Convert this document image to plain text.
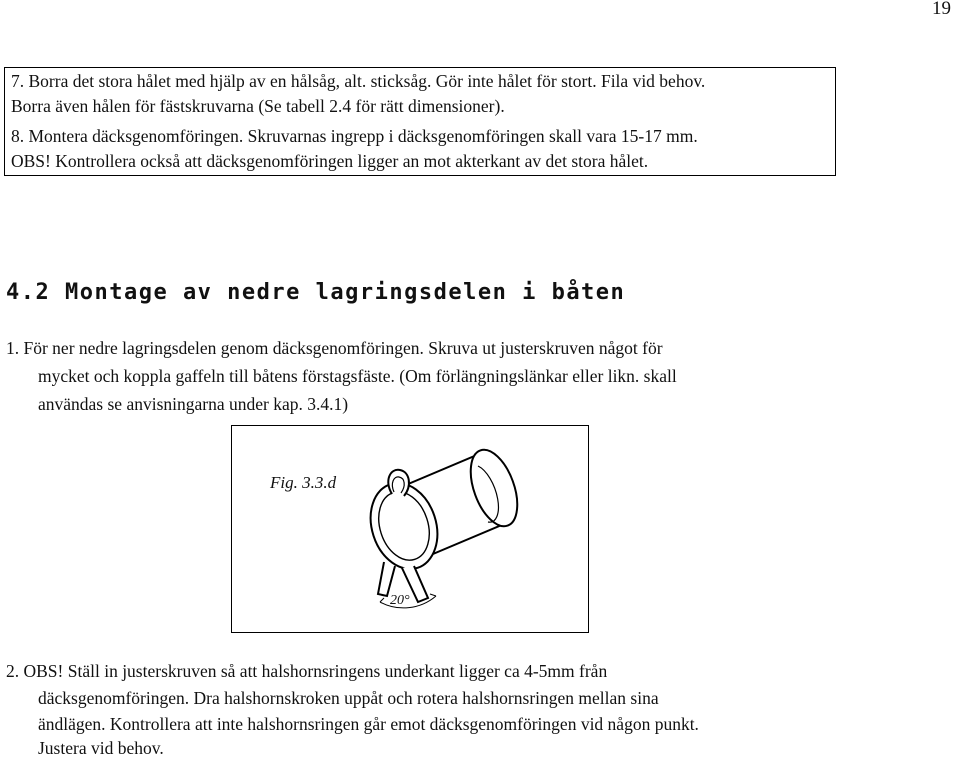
19
7. Borra det stora hålet med hjälp av en hålsåg, alt. sticksåg. Gör inte hålet för stort. Fila vid behov.
Borra även hålen för fästskruvarna (Se tabell 2.4 för rätt dimensioner).
8. Montera däcksgenomföringen. Skruvarnas ingrepp i däcksgenomföringen skall vara 15-17 mm.
OBS! Kontrollera också att däcksgenomföringen ligger an mot akterkant av det stora hålet.
4.2 Montage av nedre lagringsdelen i båten
1. För ner nedre lagringsdelen genom däcksgenomföringen. Skruva ut justerskruven något för
mycket och koppla gaffeln till båtens förstagsfäste. (Om förlängningslänkar eller likn. skall
användas se anvisningarna under kap. 3.4.1)
Fig. 3.3.d
20°
2. OBS! Ställ in justerskruven så att halshornsringens underkant ligger ca 4-5mm från
däcksgenomföringen. Dra halshornskroken uppåt och rotera halshornsringen mellan sina
ändlägen. Kontrollera att inte halshornsringen går emot däcksgenomföringen vid någon punkt.
Justera vid behov.
